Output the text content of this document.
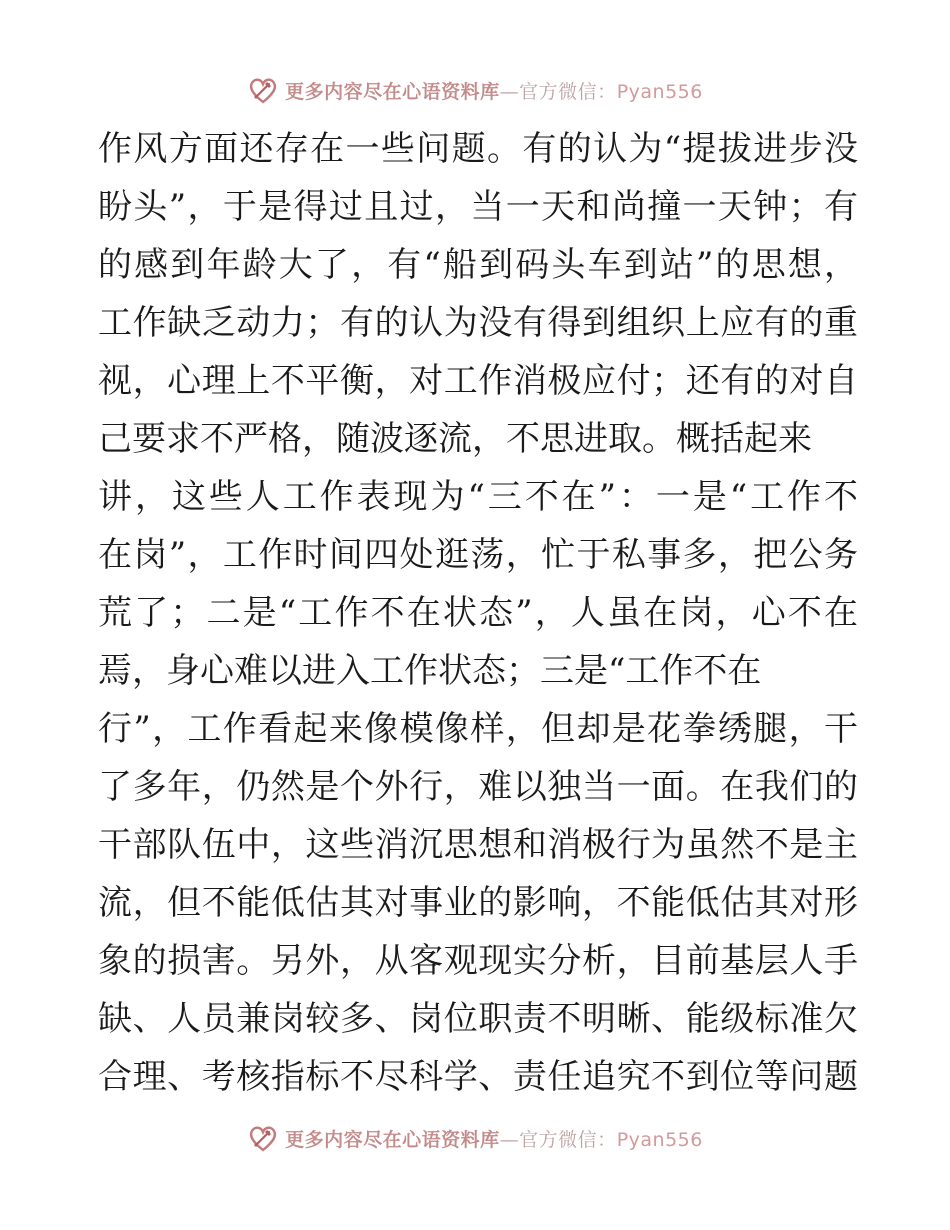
更多内容尽在心语资料库—官方微信：Pyan556
作风方面还存在一些问题。有的认为“提拔进步没
盼头”，于是得过且过，当一天和尚撞一天钟；有
的感到年龄大了，有“船到码头车到站”的思想，
工作缺乏动力；有的认为没有得到组织上应有的重
视，心理上不平衡，对工作消极应付；还有的对自
己要求不严格，随波逐流，不思进取。概括起来
讲，这些人工作表现为“三不在”：一是“工作不
在岗”，工作时间四处逛荡，忙于私事多，把公务
荒了；二是“工作不在状态”，人虽在岗，心不在
焉，身心难以进入工作状态；三是“工作不在
行”，工作看起来像模像样，但却是花拳绣腿，干
了多年，仍然是个外行，难以独当一面。在我们的
干部队伍中，这些消沉思想和消极行为虽然不是主
流，但不能低估其对事业的影响，不能低估其对形
象的损害。另外，从客观现实分析，目前基层人手
缺、人员兼岗较多、岗位职责不明晰、能级标准欠
合理、考核指标不尽科学、责任追究不到位等问题
更多内容尽在心语资料库—官方微信：Pyan556
